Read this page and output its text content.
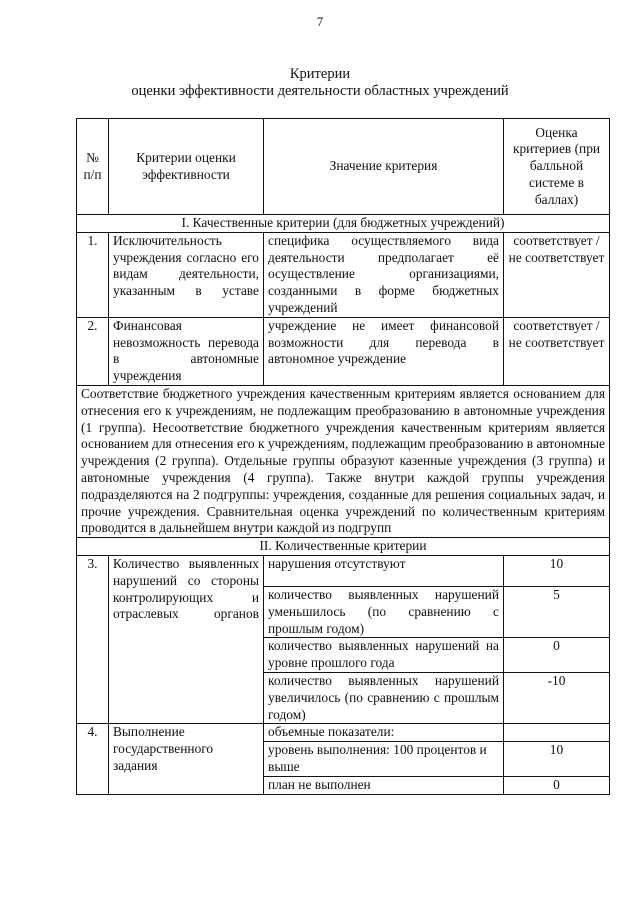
7
Критерии
оценки эффективности деятельности областных учреждений
№ п/п	Критерии оценки эффективности	Значение критерия	Оценка критериев (при балльной системе в баллах)
I. Качественные критерии (для бюджетных учреждений)			
1.	Исключительность учреждения согласно его видам деятельности, указанным в уставе	специфика осуществляемого вида деятельности предполагает её осуществление организациями, созданными в форме бюджетных учреждений	соответствует / не соответствует
2.	Финансовая невозможность перевода в автономные учреждения	учреждение не имеет финансовой возможности для перевода в автономное учреждение	соответствует / не соответствует
Соответствие бюджетного учреждения качественным критериям является основанием для отнесения его к учреждениям, не подлежащим преобразованию в автономные учреждения (1 группа). Несоответствие бюджетного учреждения качественным критериям является основанием для отнесения его к учреждениям, подлежащим преобразованию в автономные учреждения (2 группа). Отдельные группы образуют казенные учреждения (3 группа) и автономные учреждения (4 группа). Также внутри каждой группы учреждения подразделяются на 2 подгруппы: учреждения, созданные для решения социальных задач, и прочие учреждения. Сравнительная оценка учреждений по количественным критериям проводится в дальнейшем внутри каждой из подгрупп			
II. Количественные критерии			
3.	Количество выявленных нарушений со стороны контролирующих и отраслевых органов	нарушения отсутствуют	10
		количество выявленных нарушений уменьшилось (по сравнению с прошлым годом)	5
		количество выявленных нарушений на уровне прошлого года	0
		количество выявленных нарушений увеличилось (по сравнению с прошлым годом)	-10
4.	Выполнение государственного задания	объемные показатели:	
		уровень выполнения: 100 процентов и выше	10
		план не выполнен	0
